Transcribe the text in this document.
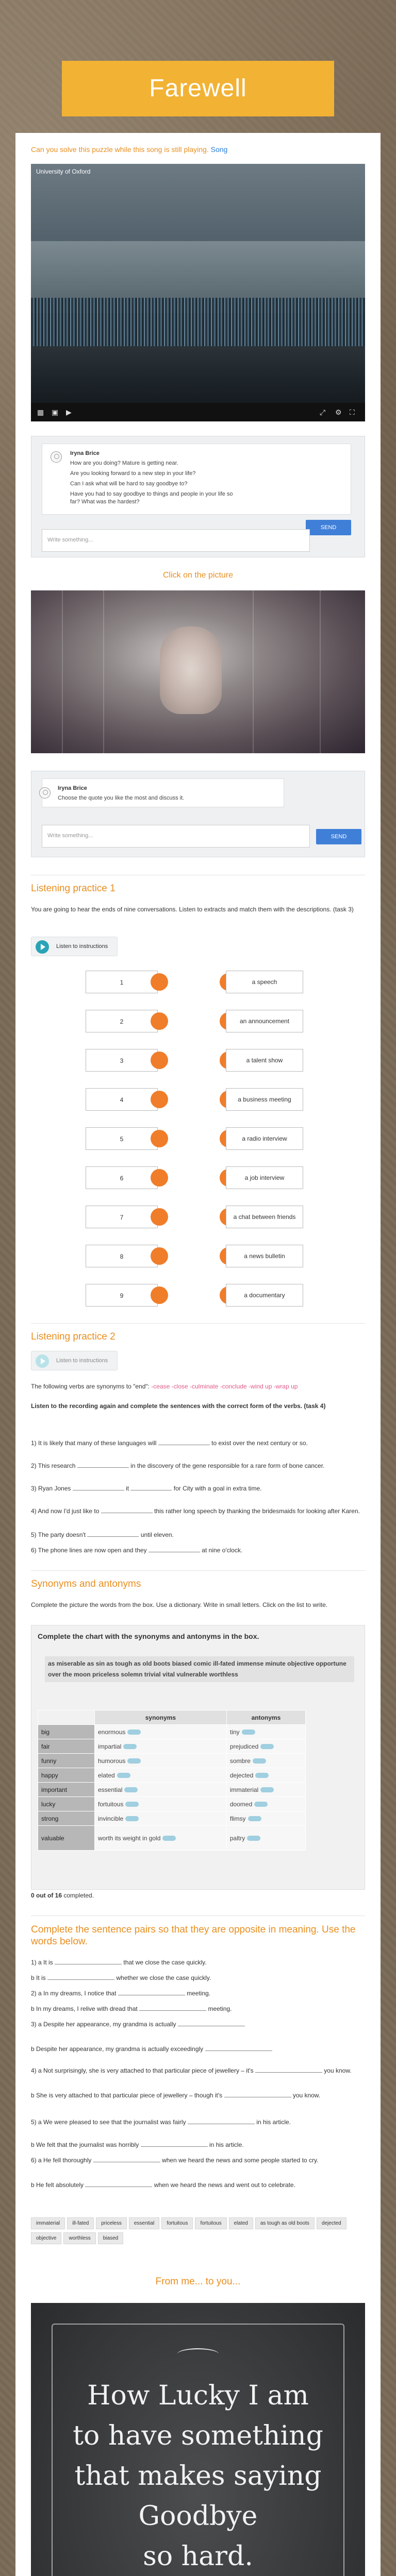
Farewell
Can you solve this puzzle while this song is still playing. Song
University of Oxford
▦ ▣ ▶	⤢ ⚙ ⛶
Iryna Brice
How are you doing? Mature is getting near.
Are you looking forward to a new step in your life?
Can I ask what will be hard to say goodbye to?
Have you had to say goodbye to things and people in your life so
far? What was the hardest?
SEND
Write something...
Click on the picture
Iryna Brice
Choose the quote you like the most and discuss it.
Write something...	SEND
Listening practice 1
You are going to hear the ends of nine conversations. Listen to extracts and match them with the descriptions. (task 3)
Listen to instructions
1	a speech
2	an announcement
3	a talent show
4	a business meeting
5	a radio interview
6	a job interview
7	a chat between friends
8	a news bulletin
9	a documentary
Listening practice 2
Listen to instructions
The following verbs are synonyms to "end": -cease -close -culminate -conclude -wind up -wrap up
Listen to the recording again and complete the sentences with the correct form of the verbs. (task 4)
1) It is likely that many of these languages will	to exist over the next century or so.
2) This research	in the discovery of the gene responsible for a rare form of bone cancer.
3) Ryan Jones	it	for City with a goal in extra time.
4) And now I'd just like to	this rather long speech by thanking the bridesmaids for looking after Karen.
5) The party doesn't	until eleven.
6) The phone lines are now open and they	at nine o'clock.
Synonyms and antonyms
Complete the picture the words from the box. Use a dictionary. Write in small letters. Click on the list to write.
Complete the chart with the synonyms and antonyms in the box.
as miserable as sin as tough as old boots biased comic ill-fated immense minute objective opportune over the moon priceless solemn trivial vital vulnerable worthless
	synonyms	antonyms
big	enormous	tiny
fair	impartial	prejudiced
funny	humorous	sombre
happy	elated	dejected
important	essential	immaterial
lucky	fortuitous	doomed
strong	invincible	flimsy
valuable	worth its weight in gold	paltry
0 out of 16 completed.
Complete the sentence pairs so that they are opposite in meaning. Use the words below.
1) a It is	that we close the case quickly.
b It is	whether we close the case quickly.
2) a In my dreams, I notice that	meeting.
b In my dreams, I relive with dread that	meeting.
3) a Despite her appearance, my grandma is actually
b Despite her appearance, my grandma is actually exceedingly
4) a Not surprisingly, she is very attached to that particular piece of jewellery – it's	you know.
b She is very attached to that particular piece of jewellery – though it's	you know.
5) a We were pleased to see that the journalist was fairly	in his article.
b We felt that the journalist was horribly	in his article.
6) a He fell thoroughly	when we heard the news and some people started to cry.
b He felt absolutely	when we heard the news and went out to celebrate.
immaterial ill-fated priceless essential fortuitous fortuitous elated as tough as old boots dejectedobjective worthless biased
From me... to you...
How Lucky I am
to have something
that makes saying
Goodbye
so hard.
